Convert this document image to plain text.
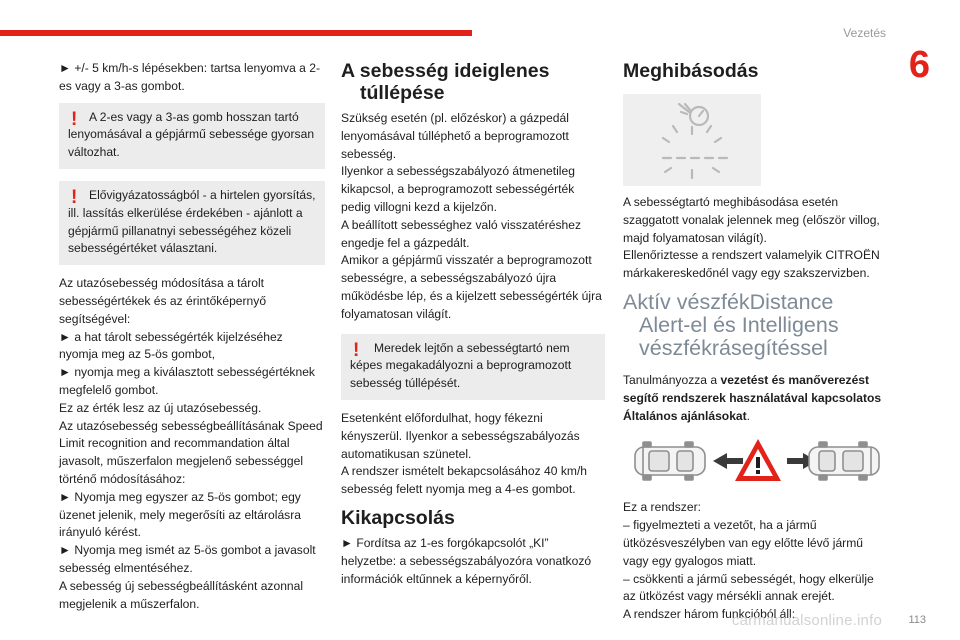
Vezetés
6

► +/- 5 km/h-s lépésekben: tartsa lenyomva a 2-es vagy a 3-as gombot.

! A 2-es vagy a 3-as gomb hosszan tartó lenyomásával a gépjármű sebessége gyorsan változhat.
! Elővigyázatosságból - a hirtelen gyorsítás, ill. lassítás elkerülése érdekében - ajánlott a gépjármű pillanatnyi sebességéhez közeli sebességértéket választani.

Az utazósebesség módosítása a tárolt sebességértékek és az érintőképernyő segítségével:

► a hat tárolt sebességérték kijelzéséhez nyomja meg az 5-ös gombot,

► nyomja meg a kiválasztott sebességértéknek megfelelő gombot.

Ez az érték lesz az új utazósebesség.

Az utazósebesség sebességbeállításának Speed Limit recognition and recommandation által javasolt, műszerfalon megjelenő sebességgel történő módosításához:

► Nyomja meg egyszer az 5-ös gombot; egy üzenet jelenik, mely megerősíti az eltárolásra irányuló kérést.

► Nyomja meg ismét az 5-ös gombot a javasolt sebesség elmentéséhez.

A sebesség új sebességbeállításként azonnal megjelenik a műszerfalon.

A sebesség ideiglenes
túllépése

Szükség esetén (pl. előzéskor) a gázpedál lenyomásával túlléphető a beprogramozott sebesség.

Ilyenkor a sebességszabályozó átmenetileg kikapcsol, a beprogramozott sebességérték pedig villogni kezd a kijelzőn.

A beállított sebességhez való visszatéréshez engedje fel a gázpedált.

Amikor a gépjármű visszatér a beprogramozott sebességre, a sebességszabályozó újra működésbe lép, és a kijelzett sebességérték újra folyamatosan világít.

!	Meredek lejtőn a sebességtartó nem képes megakadályozni a beprogramozott sebesség túllépését.

Esetenként előfordulhat, hogy fékezni kényszerül. Ilyenkor a sebességszabályozás automatikusan szünetel.

A rendszer ismételt bekapcsolásához 40 km/h sebesség felett nyomja meg a 4-es gombot.

Kikapcsolás

► Fordítsa az 1-es forgókapcsolót „KI” helyzetbe: a sebességszabályozóra vonatkozó információk eltűnnek a képernyőről.

Meghibásodás

A sebességtartó meghibásodása esetén szaggatott vonalak jelennek meg (először villog, majd folyamatosan világít).

Ellenőriztesse a rendszert valamelyik CITROËN márkakereskedőnél vagy egy szakszervizben.

Aktív vészfékDistance
Alert-el és Intelligens
vészfékrásegítéssel

Tanulmányozza a vezetést és manőverezést segítő rendszerek használatával kapcsolatos Általános ajánlásokat.

Ez a rendszer:

– figyelmezteti a vezetőt, ha a jármű ütközésveszélyben van egy előtte lévő jármű vagy egy gyalogos miatt.

– csökkenti a jármű sebességét, hogy elkerülje az ütközést vagy mérsékli annak erejét.

A rendszer három funkcióból áll:

carmanualsonline.info 113
